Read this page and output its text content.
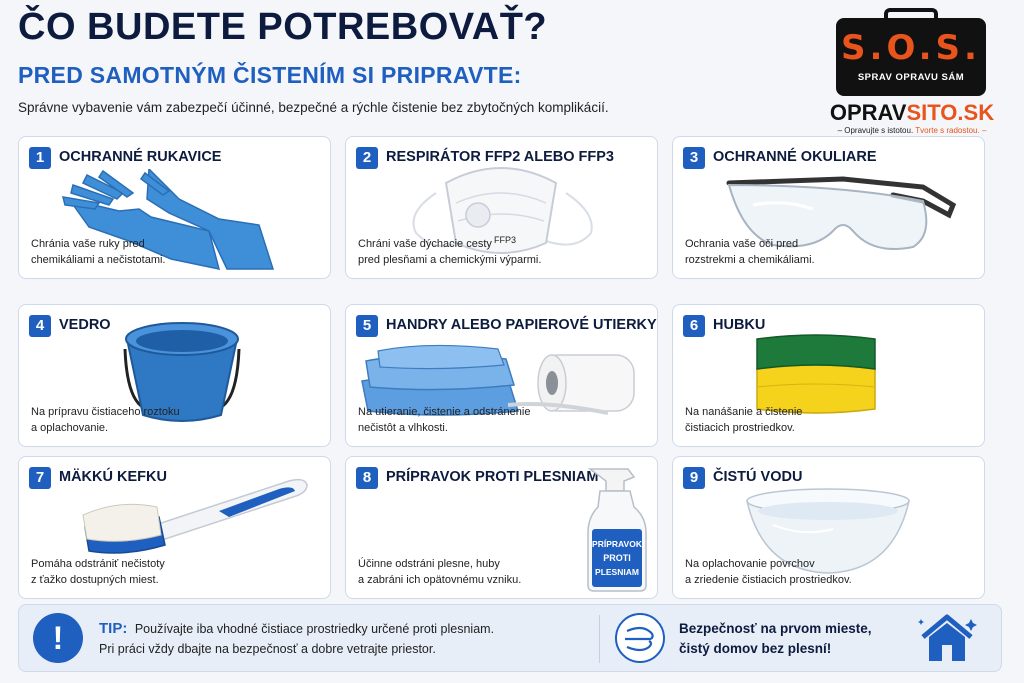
ČO BUDETE POTREBOVAŤ?
PRED SAMOTNÝM ČISTENÍM SI PRIPRAVTE:
Správne vybavenie vám zabezpečí účinné, bezpečné a rýchle čistenie bez zbytočných komplikácií.
S.O.S.
SPRAV OPRAVU SÁM
OPRAVSITO.SK
– Opravujte s istotou. Tvorte s radostou. –
1	OCHRANNÉ RUKAVICE
Chránia vaše ruky pred
chemikáliami a nečistotami.
2	RESPIRÁTOR FFP2 ALEBO FFP3
FFP3
Chráni vaše dýchacie cesty
pred plesňami a chemickými výparmi.
3	OCHRANNÉ OKULIARE
Ochrania vaše oči pred
rozstrekmi a chemikáliami.
4	VEDRO
Na prípravu čistiaceho roztoku
a oplachovanie.
5	HANDRY ALEBO PAPIEROVÉ UTIERKY
Na utieranie, čistenie a odstránenie
nečistôt a vlhkosti.
6	HUBKU
Na nanášanie a čistenie
čistiacich prostriedkov.
7	MÄKKÚ KEFKU
Pomáha odstrániť nečistoty
z ťažko dostupných miest.
8	PRÍPRAVOK PROTI PLESNIAM
PRÍPRAVOK
PROTI
PLESNIAM
Účinne odstráni plesne, huby
a zabráni ich opätovnému vzniku.
9	ČISTÚ VODU
Na oplachovanie povrchov
a zriedenie čistiacich prostriedkov.
!	TIP: Používajte iba vhodné čistiace prostriedky určené proti plesniam.
Pri práci vždy dbajte na bezpečnosť a dobre vetrajte priestor.
Bezpečnosť na prvom mieste,
čistý domov bez plesní!
